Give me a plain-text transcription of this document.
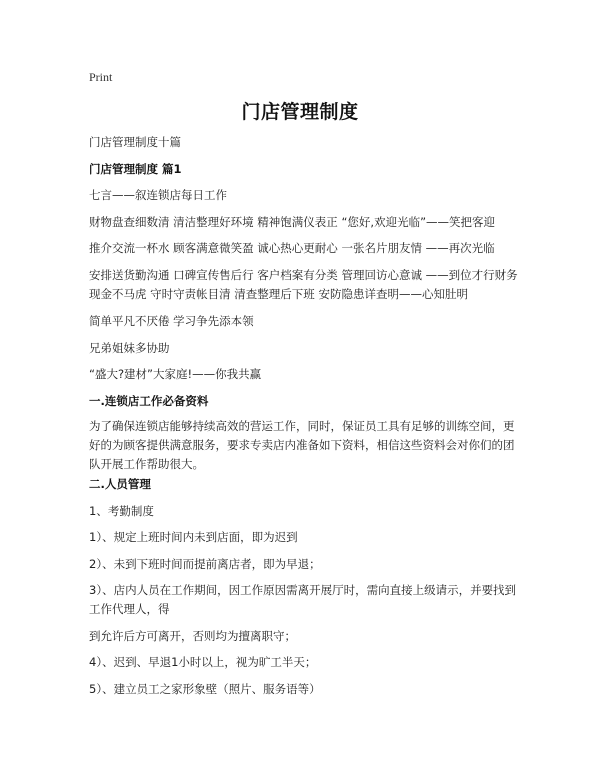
Print
门店管理制度
门店管理制度十篇
门店管理制度 篇1
七言——叙连锁店每日工作
财物盘查细数清 清洁整理好环境 精神饱满仪表正 “您好,欢迎光临”——笑把客迎
推介交流一杯水 顾客满意微笑盈 诚心热心更耐心 一张名片朋友情 ——再次光临
安排送货勤沟通 口碑宣传售后行 客户档案有分类 管理回访心意诚 ——到位才行财务现金不马虎 守时守责帐目清 清查整理后下班 安防隐患详查明——心知肚明
简单平凡不厌倦 学习争先添本领
兄弟姐妹多协助
“盛大?建材”大家庭!——你我共赢
一.连锁店工作必备资料
为了确保连锁店能够持续高效的营运工作，同时，保证员工具有足够的训练空间，更好的为顾客提供满意服务，要求专卖店内准备如下资料，相信这些资料会对你们的团队开展工作帮助很大。
二.人员管理
1、考勤制度
1）、规定上班时间内未到店面，即为迟到
2）、未到下班时间而提前离店者，即为早退；
3）、店内人员在工作期间，因工作原因需离开展厅时，需向直接上级请示，并要找到工作代理人，得
到允许后方可离开，否则均为擅离职守；
4）、迟到、早退1小时以上，视为旷工半天；
5）、建立员工之家形象壁（照片、服务语等）
